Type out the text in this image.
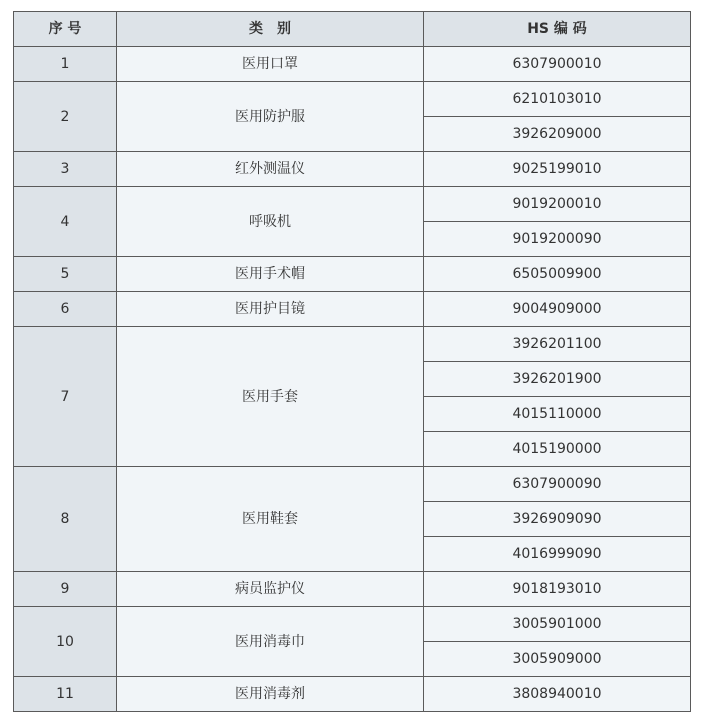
序 号	类　别	HS 编 码
1	医用口罩	6307900010
2	医用防护服	6210103010
		3926209000
3	红外测温仪	9025199010
4	呼吸机	9019200010
		9019200090
5	医用手术帽	6505009900
6	医用护目镜	9004909000
7	医用手套	3926201100
		3926201900
		4015110000
		4015190000
8	医用鞋套	6307900090
		3926909090
		4016999090
9	病员监护仪	9018193010
10	医用消毒巾	3005901000
		3005909000
11	医用消毒剂	3808940010
